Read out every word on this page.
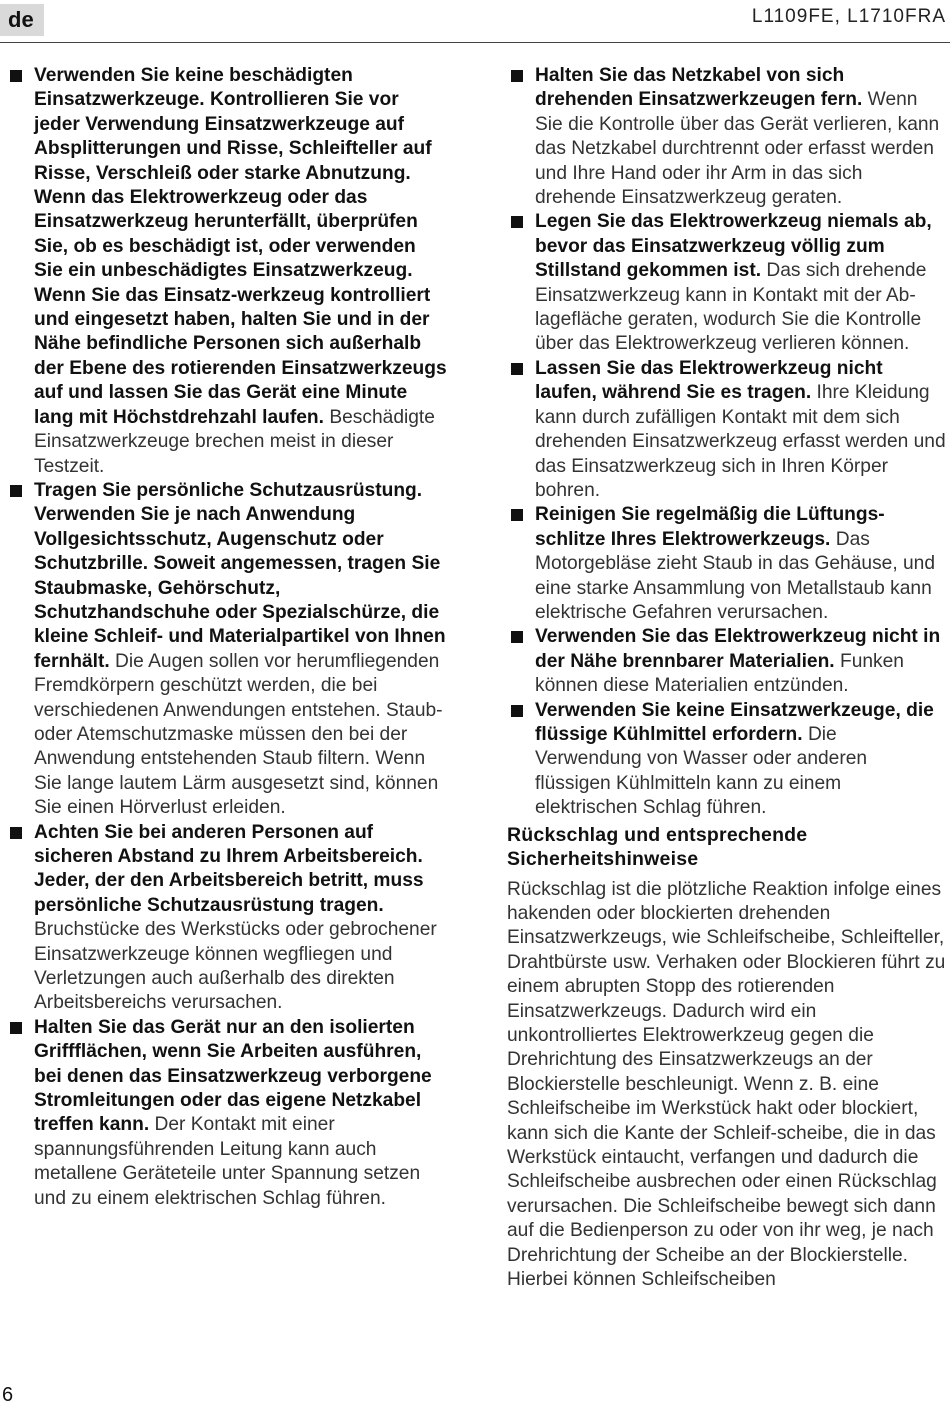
de	L1109FE, L1710FRA
Verwenden Sie keine beschädigten Einsatzwerkzeuge. Kontrollieren Sie vor jeder Verwendung Einsatzwerkzeuge auf Absplitterungen und Risse, Schleifteller auf Risse, Verschleiß oder starke Abnutzung. Wenn das Elektrowerkzeug oder das Einsatzwerkzeug herunterfällt, überprüfen Sie, ob es beschädigt ist, oder verwenden Sie ein unbeschädigtes Einsatzwerkzeug. Wenn Sie das Einsatz-werkzeug kontrolliert und eingesetzt haben, halten Sie und in der Nähe befindliche Personen sich außerhalb der Ebene des rotierenden Einsatzwerkzeugs auf und lassen Sie das Gerät eine Minute lang mit Höchstdrehzahl laufen. Beschädigte Einsatzwerkzeuge brechen meist in dieser Testzeit.
Tragen Sie persönliche Schutzausrüstung. Verwenden Sie je nach Anwendung Vollgesichtsschutz, Augenschutz oder Schutzbrille. Soweit angemessen, tragen Sie Staubmaske, Gehörschutz, Schutzhandschuhe oder Spezialschürze, die kleine Schleif- und Materialpartikel von Ihnen fernhält. Die Augen sollen vor herumfliegenden Fremdkörpern geschützt werden, die bei verschiedenen Anwendungen entstehen. Staub- oder Atemschutzmaske müssen den bei der Anwendung entstehenden Staub filtern. Wenn Sie lange lautem Lärm ausgesetzt sind, können Sie einen Hörverlust erleiden.
Achten Sie bei anderen Personen auf sicheren Abstand zu Ihrem Arbeitsbereich. Jeder, der den Arbeitsbereich betritt, muss persönliche Schutzausrüstung tragen. Bruchstücke des Werkstücks oder gebrochener Einsatzwerkzeuge können wegfliegen und Verletzungen auch außerhalb des direkten Arbeitsbereichs verursachen.
Halten Sie das Gerät nur an den isolierten Griffflächen, wenn Sie Arbeiten ausführen, bei denen das Einsatzwerkzeug verborgene Stromleitungen oder das eigene Netzkabel treffen kann. Der Kontakt mit einer spannungsführenden Leitung kann auch metallene Geräteteile unter Spannung setzen und zu einem elektrischen Schlag führen.
Halten Sie das Netzkabel von sich drehenden Einsatzwerkzeugen fern. Wenn Sie die Kontrolle über das Gerät verlieren, kann das Netzkabel durchtrennt oder erfasst werden und Ihre Hand oder ihr Arm in das sich drehende Einsatzwerkzeug geraten.
Legen Sie das Elektrowerkzeug niemals ab, bevor das Einsatzwerkzeug völlig zum Stillstand gekommen ist. Das sich drehende Einsatzwerkzeug kann in Kontakt mit der Ab-lagefläche geraten, wodurch Sie die Kontrolle über das Elektrowerkzeug verlieren können.
Lassen Sie das Elektrowerkzeug nicht laufen, während Sie es tragen. Ihre Kleidung kann durch zufälligen Kontakt mit dem sich drehenden Einsatzwerkzeug erfasst werden und das Einsatzwerkzeug sich in Ihren Körper bohren.
Reinigen Sie regelmäßig die Lüftungs-schlitze Ihres Elektrowerkzeugs. Das Motorgebläse zieht Staub in das Gehäuse, und eine starke Ansammlung von Metallstaub kann elektrische Gefahren verursachen.
Verwenden Sie das Elektrowerkzeug nicht in der Nähe brennbarer Materialien. Funken können diese Materialien entzünden.
Verwenden Sie keine Einsatzwerkzeuge, die flüssige Kühlmittel erfordern. Die Verwendung von Wasser oder anderen flüssigen Kühlmitteln kann zu einem elektrischen Schlag führen.
Rückschlag und entsprechende Sicherheitshinweise
Rückschlag ist die plötzliche Reaktion infolge eines hakenden oder blockierten drehenden Einsatzwerkzeugs, wie Schleifscheibe, Schleifteller, Drahtbürste usw. Verhaken oder Blockieren führt zu einem abrupten Stopp des rotierenden Einsatzwerkzeugs. Dadurch wird ein unkontrolliertes Elektrowerkzeug gegen die Drehrichtung des Einsatzwerkzeugs an der Blockierstelle beschleunigt. Wenn z. B. eine Schleifscheibe im Werkstück hakt oder blockiert, kann sich die Kante der Schleif-scheibe, die in das Werkstück eintaucht, verfangen und dadurch die Schleifscheibe ausbrechen oder einen Rückschlag verursachen. Die Schleifscheibe bewegt sich dann auf die Bedienperson zu oder von ihr weg, je nach Drehrichtung der Scheibe an der Blockierstelle. Hierbei können Schleifscheiben
6
